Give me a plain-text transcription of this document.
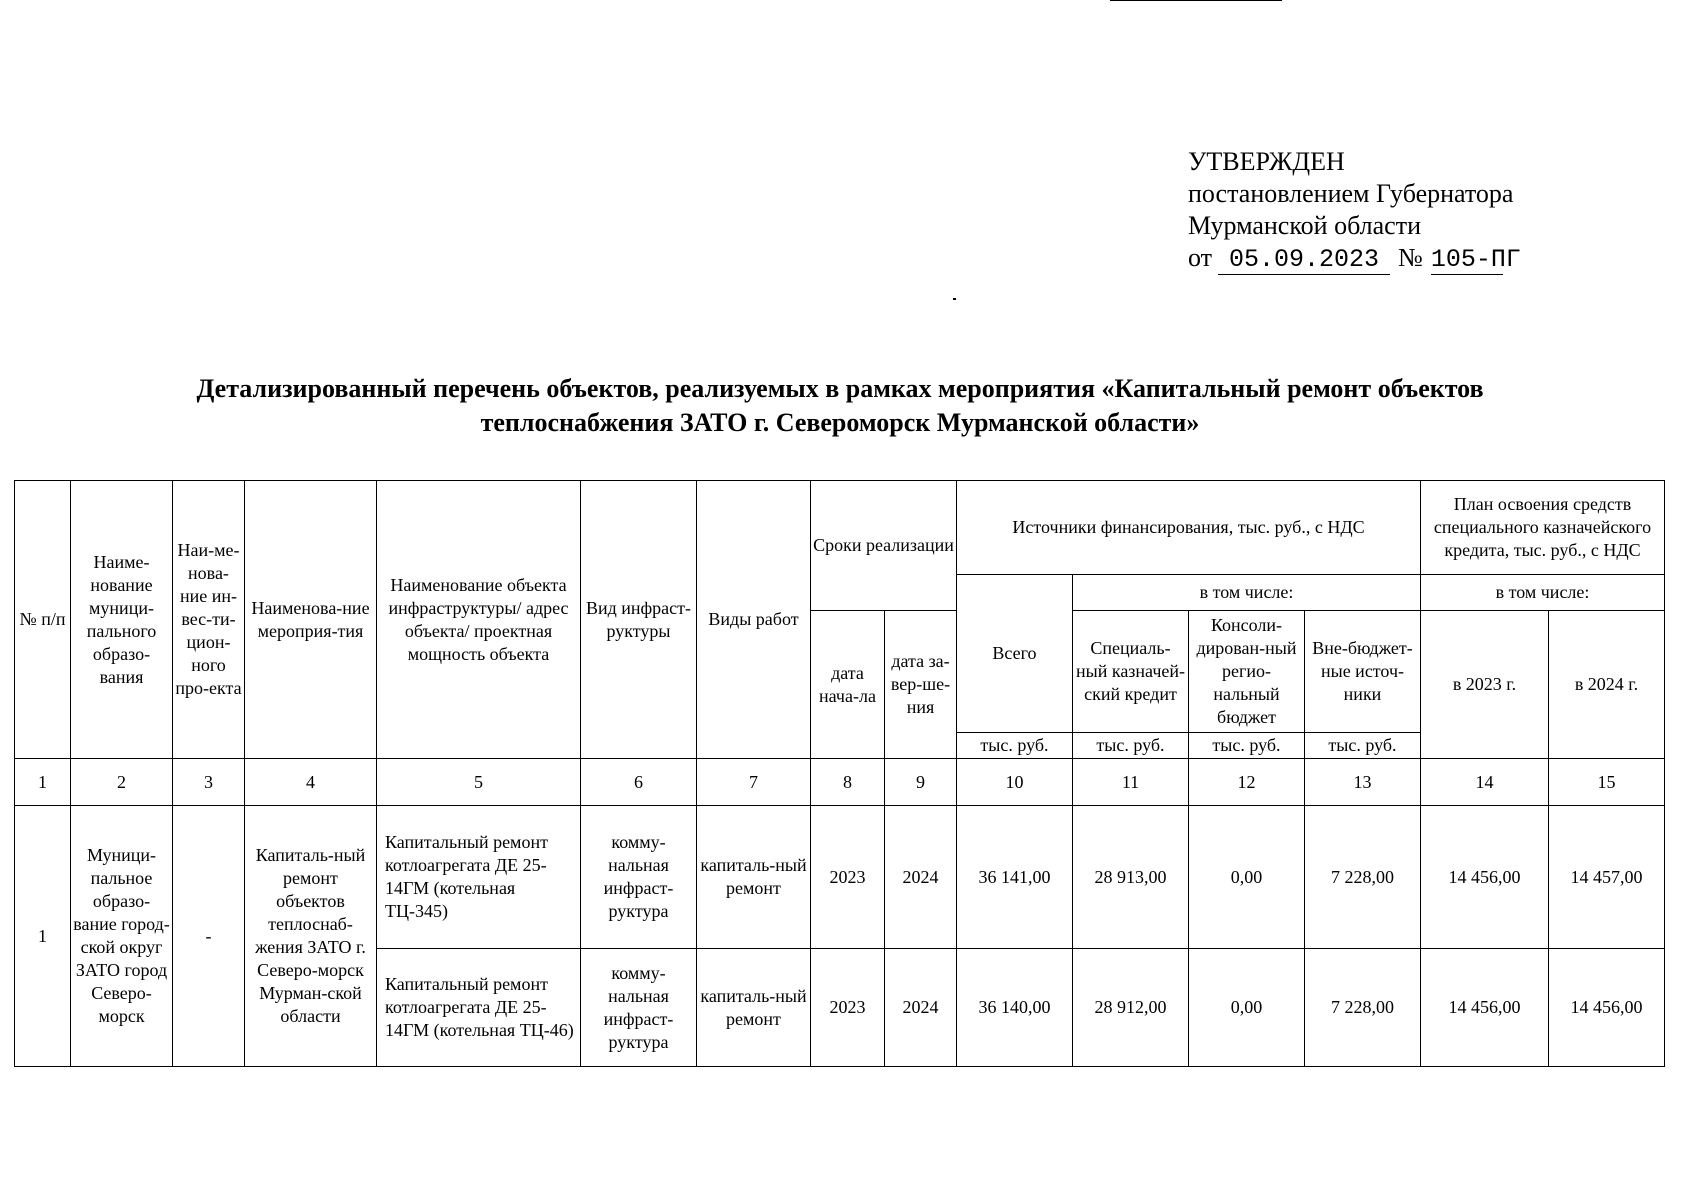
УТВЕРЖДЕН
постановлением Губернатора
Мурманской области
от 05.09.2023 № 105-ПГ
Детализированный перечень объектов, реализуемых в рамках мероприятия «Капитальный ремонт объектов
теплоснабжения ЗАТО г. Североморск Мурманской области»
№ п/п	Наиме-нование муници-пального образо-вания	Наи-ме-нова-ние ин-вес-ти-цион-ного про-екта	Наименова-ние мероприя-тия	Наименование объекта инфраструктуры/ адрес объекта/ проектная мощность объекта	Вид инфраст-руктуры	Виды работ	Сроки реализации		Источники финансирования, тыс. руб., с НДС				План освоения средств специального казначейского кредита, тыс. руб., с НДС	
									Всего	в том числе:			в том числе:	
							дата нача-ла	дата за-вер-ше-ния		Специаль-ный казначей-ский кредит	Консоли-дирован-ный регио-нальный бюджет	Вне-бюджет-ные источ-ники	в 2023 г.	в 2024 г.
									тыс. руб.	тыс. руб.	тыс. руб.	тыс. руб.		
1	2	3	4	5	6	7	8	9	10	11	12	13	14	15
1	Муници-пальное образо-вание город-ской округ ЗАТО город Северо-морск	-	Капиталь-ный ремонт объектов теплоснаб-жения ЗАТО г. Северо-морск Мурман-ской области	Капитальный ремонт котлоагрегата ДЕ 25-14ГМ (котельная ТЦ-345)	комму-нальная инфраст-руктура	капиталь-ный ремонт	2023	2024	36 141,00	28 913,00	0,00	7 228,00	14 456,00	14 457,00
				Капитальный ремонт котлоагрегата ДЕ 25-14ГМ (котельная ТЦ-46)	комму-нальная инфраст-руктура	капиталь-ный ремонт	2023	2024	36 140,00	28 912,00	0,00	7 228,00	14 456,00	14 456,00
